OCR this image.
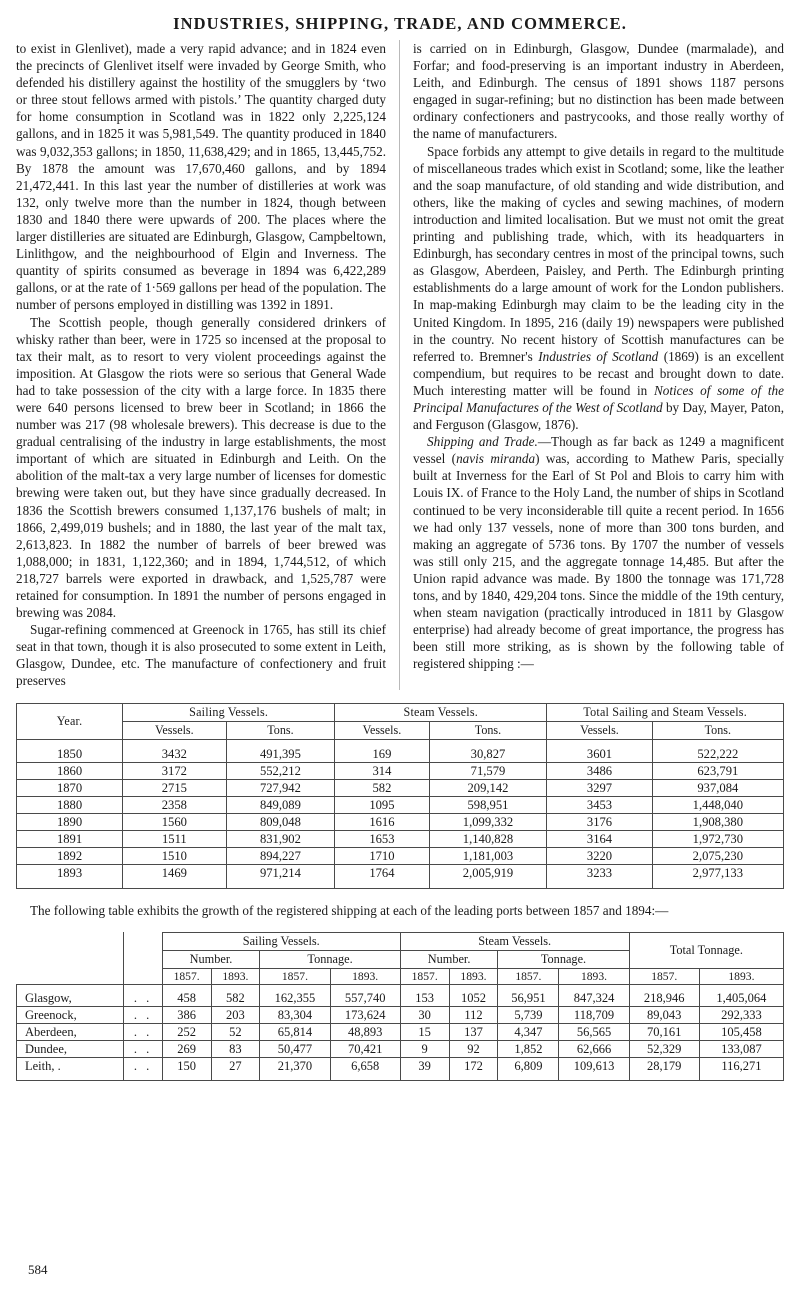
INDUSTRIES, SHIPPING, TRADE, AND COMMERCE.

to exist in Glenlivet), made a very rapid advance; and in 1824 even the precincts of Glenlivet itself were invaded by George Smith, who defended his distillery against the hostility of the smugglers by ‘two or three stout fellows armed with pistols.’ The quantity charged duty for home consumption in Scotland was in 1822 only 2,225,124 gallons, and in 1825 it was 5,981,549. The quantity produced in 1840 was 9,032,353 gallons; in 1850, 11,638,429; and in 1865, 13,445,752. By 1878 the amount was 17,670,460 gallons, and by 1894 21,472,441. In this last year the number of distilleries at work was 132, only twelve more than the number in 1824, though between 1830 and 1840 there were upwards of 200. The places where the larger distilleries are situated are Edinburgh, Glasgow, Campbeltown, Linlithgow, and the neighbourhood of Elgin and Inverness. The quantity of spirits consumed as beverage in 1894 was 6,422,289 gallons, or at the rate of 1·569 gallons per head of the population. The number of persons employed in distilling was 1392 in 1891.

The Scottish people, though generally considered drinkers of whisky rather than beer, were in 1725 so incensed at the proposal to tax their malt, as to resort to very violent proceedings against the imposition. At Glasgow the riots were so serious that General Wade had to take possession of the city with a large force. In 1835 there were 640 persons licensed to brew beer in Scotland; in 1866 the number was 217 (98 wholesale brewers). This decrease is due to the gradual centralising of the industry in large establishments, the most important of which are situated in Edinburgh and Leith. On the abolition of the malt-tax a very large number of licenses for domestic brewing were taken out, but they have since gradually decreased. In 1836 the Scottish brewers consumed 1,137,176 bushels of malt; in 1866, 2,499,019 bushels; and in 1880, the last year of the malt tax, 2,613,823. In 1882 the number of barrels of beer brewed was 1,088,000; in 1831, 1,122,360; and in 1894, 1,744,512, of which 218,727 barrels were exported in drawback, and 1,525,787 were retained for consumption. In 1891 the number of persons engaged in brewing was 2084.

Sugar-refining commenced at Greenock in 1765, has still its chief seat in that town, though it is also prosecuted to some extent in Leith, Glasgow, Dundee, etc. The manufacture of confectionery and fruit preserves

is carried on in Edinburgh, Glasgow, Dundee (marmalade), and Forfar; and food-preserving is an important industry in Aberdeen, Leith, and Edinburgh. The census of 1891 shows 1187 persons engaged in sugar-refining; but no distinction has been made between ordinary confectioners and pastrycooks, and those really worthy of the name of manufacturers.

Space forbids any attempt to give details in regard to the multitude of miscellaneous trades which exist in Scotland; some, like the leather and the soap manufacture, of old standing and wide distribution, and others, like the making of cycles and sewing machines, of modern introduction and limited localisation. But we must not omit the great printing and publishing trade, which, with its headquarters in Edinburgh, has secondary centres in most of the principal towns, such as Glasgow, Aberdeen, Paisley, and Perth. The Edinburgh printing establishments do a large amount of work for the London publishers. In map-making Edinburgh may claim to be the leading city in the United Kingdom. In 1895, 216 (daily 19) newspapers were published in the country. No recent history of Scottish manufactures can be referred to. Bremner's Industries of Scotland (1869) is an excellent compendium, but requires to be recast and brought down to date. Much interesting matter will be found in Notices of some of the Principal Manufactures of the West of Scotland by Day, Mayer, Paton, and Ferguson (Glasgow, 1876).

Shipping and Trade.—Though as far back as 1249 a magnificent vessel (navis miranda) was, according to Mathew Paris, specially built at Inverness for the Earl of St Pol and Blois to carry him with Louis IX. of France to the Holy Land, the number of ships in Scotland continued to be very inconsiderable till quite a recent period. In 1656 we had only 137 vessels, none of more than 300 tons burden, and making an aggregate of 5736 tons. By 1707 the number of vessels was still only 215, and the aggregate tonnage 14,485. But after the Union rapid advance was made. By 1800 the tonnage was 171,728 tons, and by 1840, 429,204 tons. Since the middle of the 19th century, when steam navigation (practically introduced in 1811 by Glasgow enterprise) had already become of great importance, the progress has been still more striking, as is shown by the following table of registered shipping :—

Year.	Sailing Vessels.		Steam Vessels.		Total Sailing and Steam Vessels.	
	Vessels.	Tons.	Vessels.	Tons.	Vessels.	Tons.
1850	3432	491,395	169	30,827	3601	522,222
1860	3172	552,212	314	71,579	3486	623,791
1870	2715	727,942	582	209,142	3297	937,084
1880	2358	849,089	1095	598,951	3453	1,448,040
1890	1560	809,048	1616	1,099,332	3176	1,908,380
1891	1511	831,902	1653	1,140,828	3164	1,972,730
1892	1510	894,227	1710	1,181,003	3220	2,075,230
1893	1469	971,214	1764	2,005,919	3233	2,977,133

The following table exhibits the growth of the registered shipping at each of the leading ports between 1857 and 1894:—

		Sailing Vessels.				Steam Vessels.				Total Tonnage.	
		Number.		Tonnage.		Number.		Tonnage.			
		1857.	1893.	1857.	1893.	1857.	1893.	1857.	1893.	1857.	1893.
Glasgow,	. .	458	582	162,355	557,740	153	1052	56,951	847,324	218,946	1,405,064
Greenock,	. .	386	203	83,304	173,624	30	112	5,739	118,709	89,043	292,333
Aberdeen,	. .	252	52	65,814	48,893	15	137	4,347	56,565	70,161	105,458
Dundee,	. .	269	83	50,477	70,421	9	92	1,852	62,666	52,329	133,087
Leith, .	. .	150	27	21,370	6,658	39	172	6,809	109,613	28,179	116,271
584
